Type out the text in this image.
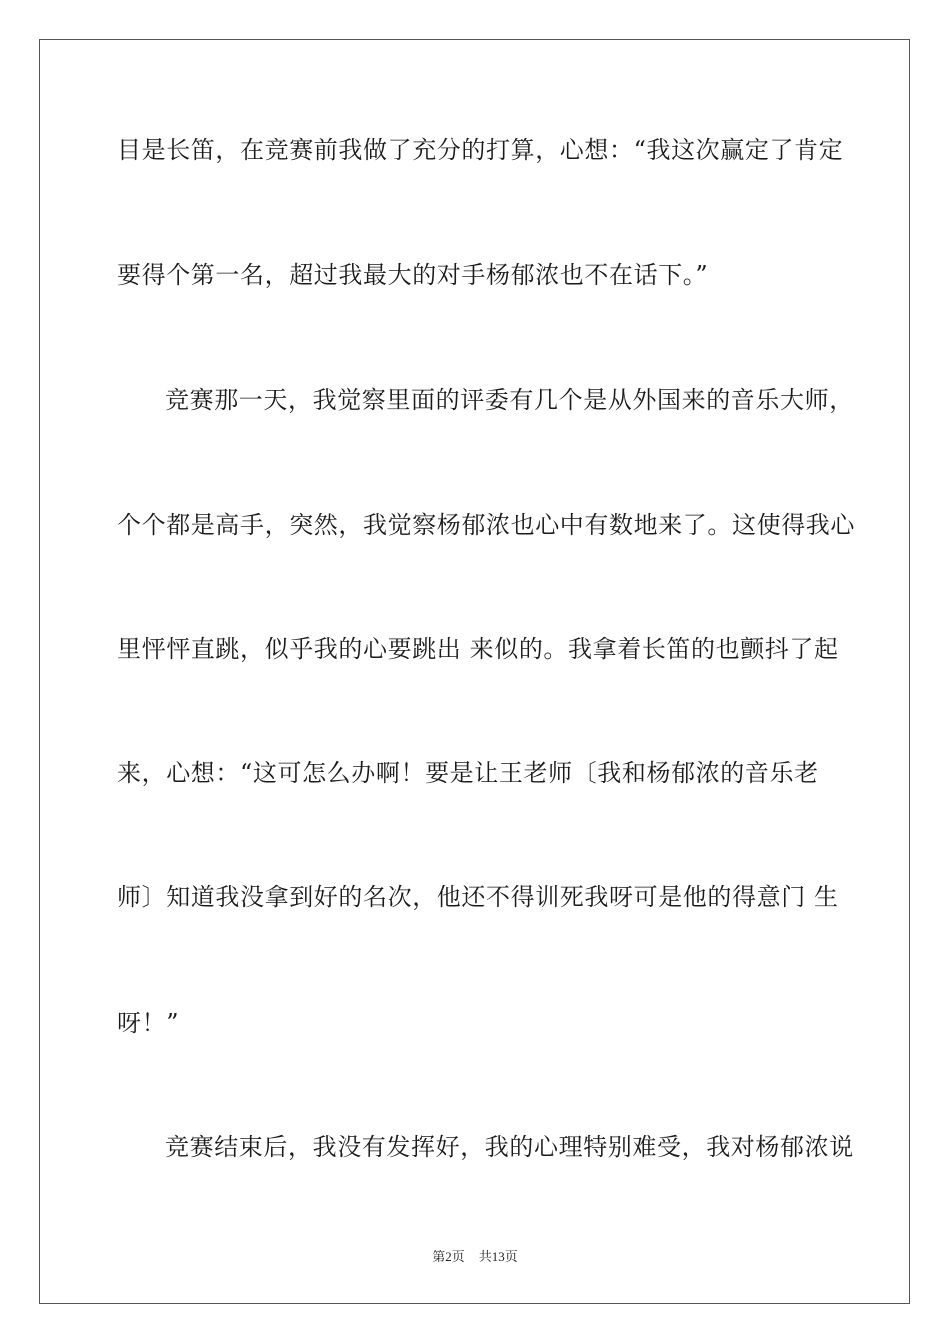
目是长笛，在竞赛前我做了充分的打算，心想：“我这次赢定了肯定
要得个第一名，超过我最大的对手杨郁浓也不在话下。”
竞赛那一天，我觉察里面的评委有几个是从外国来的音乐大师，
个个都是高手，突然，我觉察杨郁浓也心中有数地来了。这使得我心
里怦怦直跳，似乎我的心要跳出 来似的。我拿着长笛的也颤抖了起
来，心想：“这可怎么办啊！要是让王老师〔我和杨郁浓的音乐老
师〕知道我没拿到好的名次，他还不得训死我呀可是他的得意门 生
呀！”
竞赛结束后，我没有发挥好，我的心理特别难受，我对杨郁浓说
第2页 共13页
